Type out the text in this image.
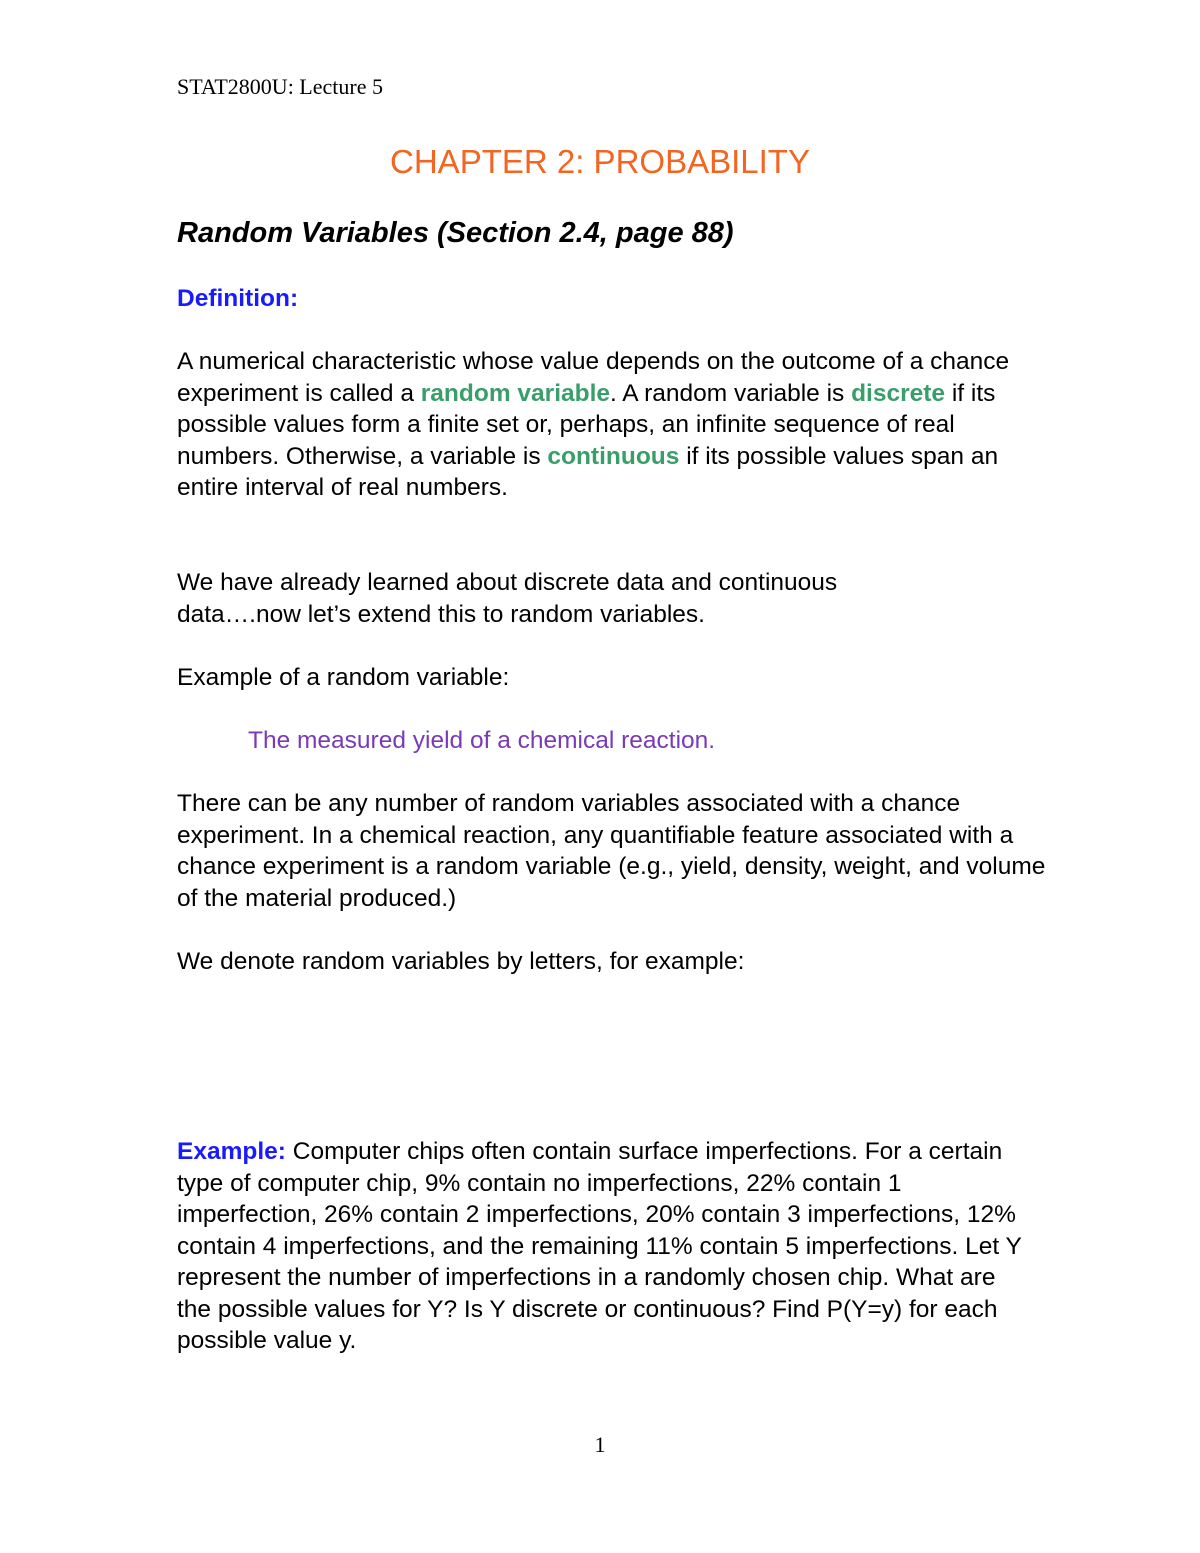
STAT2800U: Lecture 5
CHAPTER 2: PROBABILITY
Random Variables (Section 2.4, page 88)
Definition:

A numerical characteristic whose value depends on the outcome of a chance experiment is called a random variable. A random variable is discrete if its possible values form a finite set or, perhaps, an infinite sequence of real numbers. Otherwise, a variable is continuous if its possible values span an entire interval of real numbers.

We have already learned about discrete data and continuous data….now let’s extend this to random variables.

Example of a random variable:

The measured yield of a chemical reaction.

There can be any number of random variables associated with a chance experiment. In a chemical reaction, any quantifiable feature associated with a chance experiment is a random variable (e.g., yield, density, weight, and volume of the material produced.)

We denote random variables by letters, for example:

Example: Computer chips often contain surface imperfections. For a certain type of computer chip, 9% contain no imperfections, 22% contain 1 imperfection, 26% contain 2 imperfections, 20% contain 3 imperfections, 12% contain 4 imperfections, and the remaining 11% contain 5 imperfections. Let Y represent the number of imperfections in a randomly chosen chip. What are the possible values for Y? Is Y discrete or continuous? Find P(Y=y) for each possible value y.

1
